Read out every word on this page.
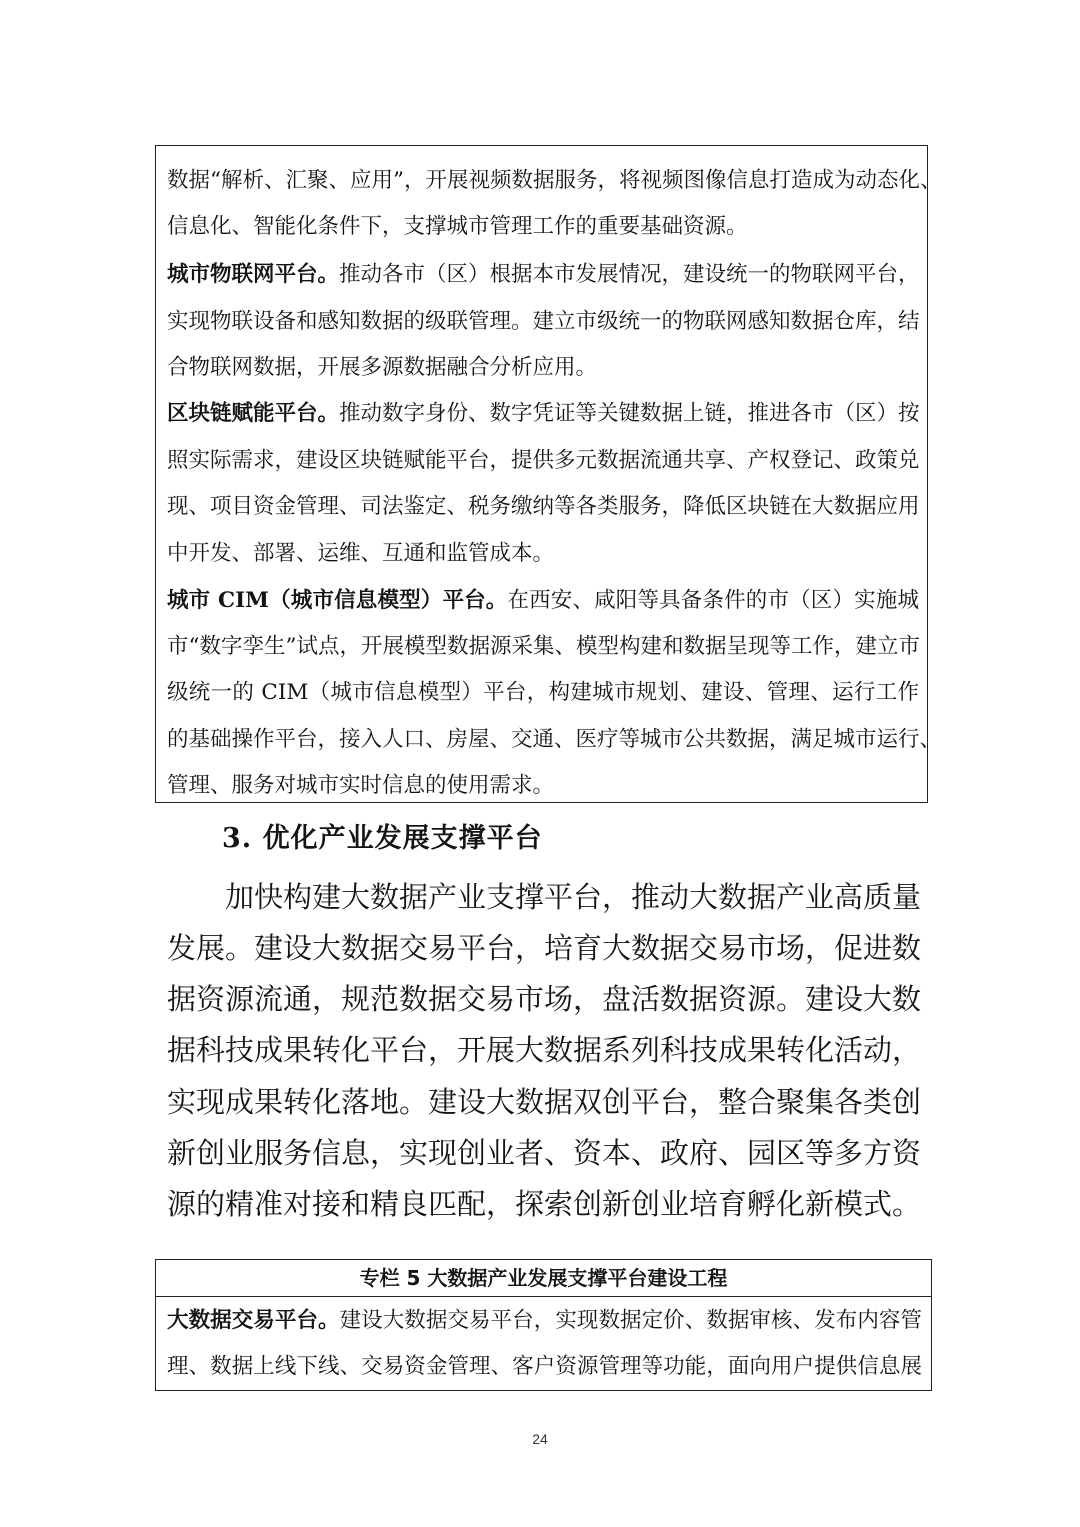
数据“解析、汇聚、应用”，开展视频数据服务，将视频图像信息打造成为动态化、
信息化、智能化条件下，支撑城市管理工作的重要基础资源。
城市物联网平台。推动各市（区）根据本市发展情况，建设统一的物联网平台，
实现物联设备和感知数据的级联管理。建立市级统一的物联网感知数据仓库，结
合物联网数据，开展多源数据融合分析应用。
区块链赋能平台。推动数字身份、数字凭证等关键数据上链，推进各市（区）按
照实际需求，建设区块链赋能平台，提供多元数据流通共享、产权登记、政策兑
现、项目资金管理、司法鉴定、税务缴纳等各类服务，降低区块链在大数据应用
中开发、部署、运维、互通和监管成本。
城市 CIM（城市信息模型）平台。在西安、咸阳等具备条件的市（区）实施城
市“数字孪生”试点，开展模型数据源采集、模型构建和数据呈现等工作，建立市
级统一的 CIM（城市信息模型）平台，构建城市规划、建设、管理、运行工作
的基础操作平台，接入人口、房屋、交通、医疗等城市公共数据，满足城市运行、
管理、服务对城市实时信息的使用需求。
3. 优化产业发展支撑平台
加快构建大数据产业支撑平台，推动大数据产业高质量
发展。建设大数据交易平台，培育大数据交易市场，促进数
据资源流通，规范数据交易市场，盘活数据资源。建设大数
据科技成果转化平台，开展大数据系列科技成果转化活动，
实现成果转化落地。建设大数据双创平台，整合聚集各类创
新创业服务信息，实现创业者、资本、政府、园区等多方资
源的精准对接和精良匹配，探索创新创业培育孵化新模式。
专栏 5 大数据产业发展支撑平台建设工程
大数据交易平台。建设大数据交易平台，实现数据定价、数据审核、发布内容管
理、数据上线下线、交易资金管理、客户资源管理等功能，面向用户提供信息展
24
